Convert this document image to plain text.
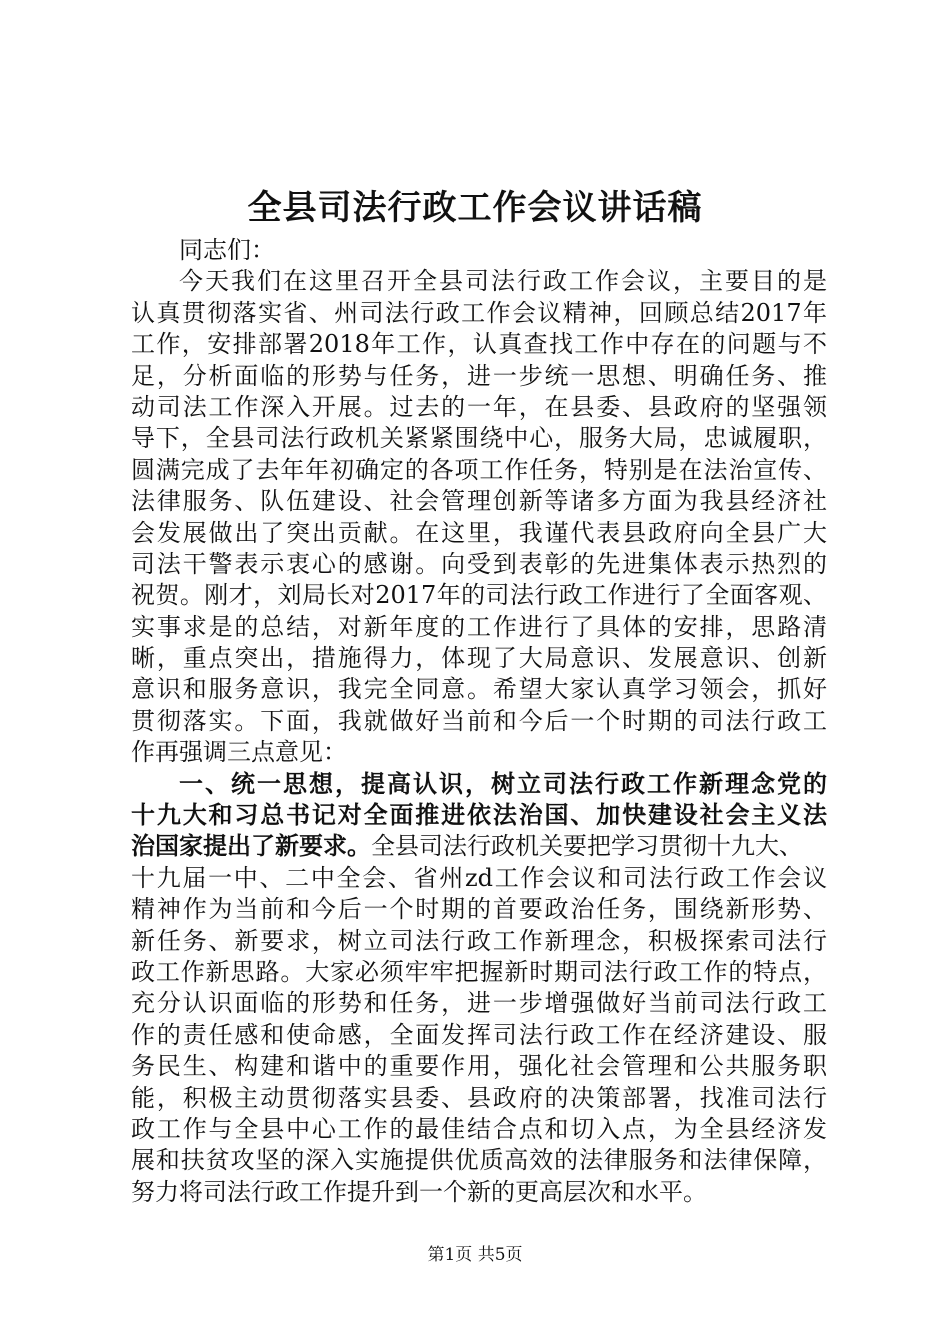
全县司法行政工作会议讲话稿
同志们：
今天我们在这里召开全县司法行政工作会议，主要目的是
认真贯彻落实省、州司法行政工作会议精神，回顾总结2017年
工作，安排部署2018年工作，认真查找工作中存在的问题与不
足，分析面临的形势与任务，进一步统一思想、明确任务、推
动司法工作深入开展。过去的一年，在县委、县政府的坚强领
导下，全县司法行政机关紧紧围绕中心，服务大局，忠诚履职，
圆满完成了去年年初确定的各项工作任务，特别是在法治宣传、
法律服务、队伍建设、社会管理创新等诸多方面为我县经济社
会发展做出了突出贡献。在这里，我谨代表县政府向全县广大
司法干警表示衷心的感谢。向受到表彰的先进集体表示热烈的
祝贺。刚才，刘局长对2017年的司法行政工作进行了全面客观、
实事求是的总结，对新年度的工作进行了具体的安排，思路清
晰，重点突出，措施得力，体现了大局意识、发展意识、创新
意识和服务意识，我完全同意。希望大家认真学习领会，抓好
贯彻落实。下面，我就做好当前和今后一个时期的司法行政工
作再强调三点意见：
一、统一思想，提高认识，树立司法行政工作新理念党的
十九大和习总书记对全面推进依法治国、加快建设社会主义法
治国家提出了新要求。全县司法行政机关要把学习贯彻十九大、
十九届一中、二中全会、省州zd工作会议和司法行政工作会议
精神作为当前和今后一个时期的首要政治任务，围绕新形势、
新任务、新要求，树立司法行政工作新理念，积极探索司法行
政工作新思路。大家必须牢牢把握新时期司法行政工作的特点，
充分认识面临的形势和任务，进一步增强做好当前司法行政工
作的责任感和使命感，全面发挥司法行政工作在经济建设、服
务民生、构建和谐中的重要作用，强化社会管理和公共服务职
能，积极主动贯彻落实县委、县政府的决策部署，找准司法行
政工作与全县中心工作的最佳结合点和切入点，为全县经济发
展和扶贫攻坚的深入实施提供优质高效的法律服务和法律保障，
努力将司法行政工作提升到一个新的更高层次和水平。
第1页 共5页
